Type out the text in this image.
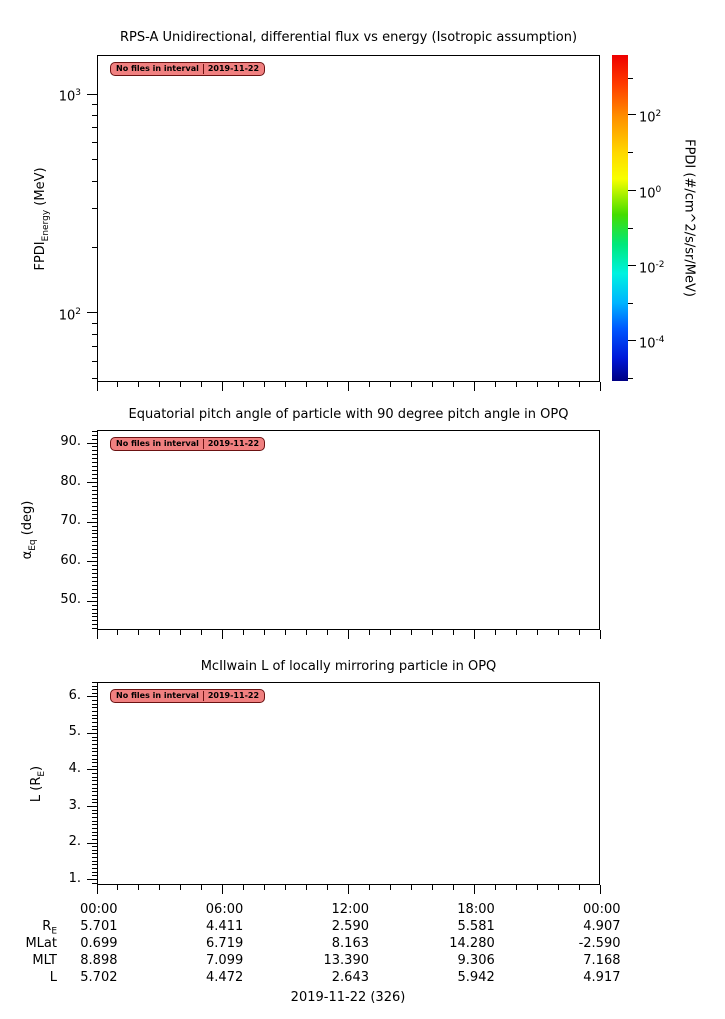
RPS-A Unidirectional, differential flux vs energy (Isotropic assumption)
$FPDI_{Energy}$ (MeV)
No files in interval	2019-11-22
$10^3$
$10^2$
Equatorial pitch angle of particle with 90 degree pitch angle in OPQ
$\alpha_{Eq}$ (deg)
No files in interval	2019-11-22
90.
80.
70.
60.
50.
McIlwain L of locally mirroring particle in OPQ
L $(R_E)$
No files in interval	2019-11-22
6.
5.
4.
3.
2.
1.
FPDI (#/cm^2/s/sr/MeV)
2019-11-22 (326)
$10^2$
$10^0$
$10^{-2}$
$10^{-4}$
00:00	06:00	12:00	18:00	00:00
$R_E$	5.701	4.411	2.590	5.581	4.907
MLat	0.699	6.719	8.163	14.280	-2.590
MLT	8.898	7.099	13.390	9.306	7.168
L	5.702	4.472	2.643	5.942	4.917
